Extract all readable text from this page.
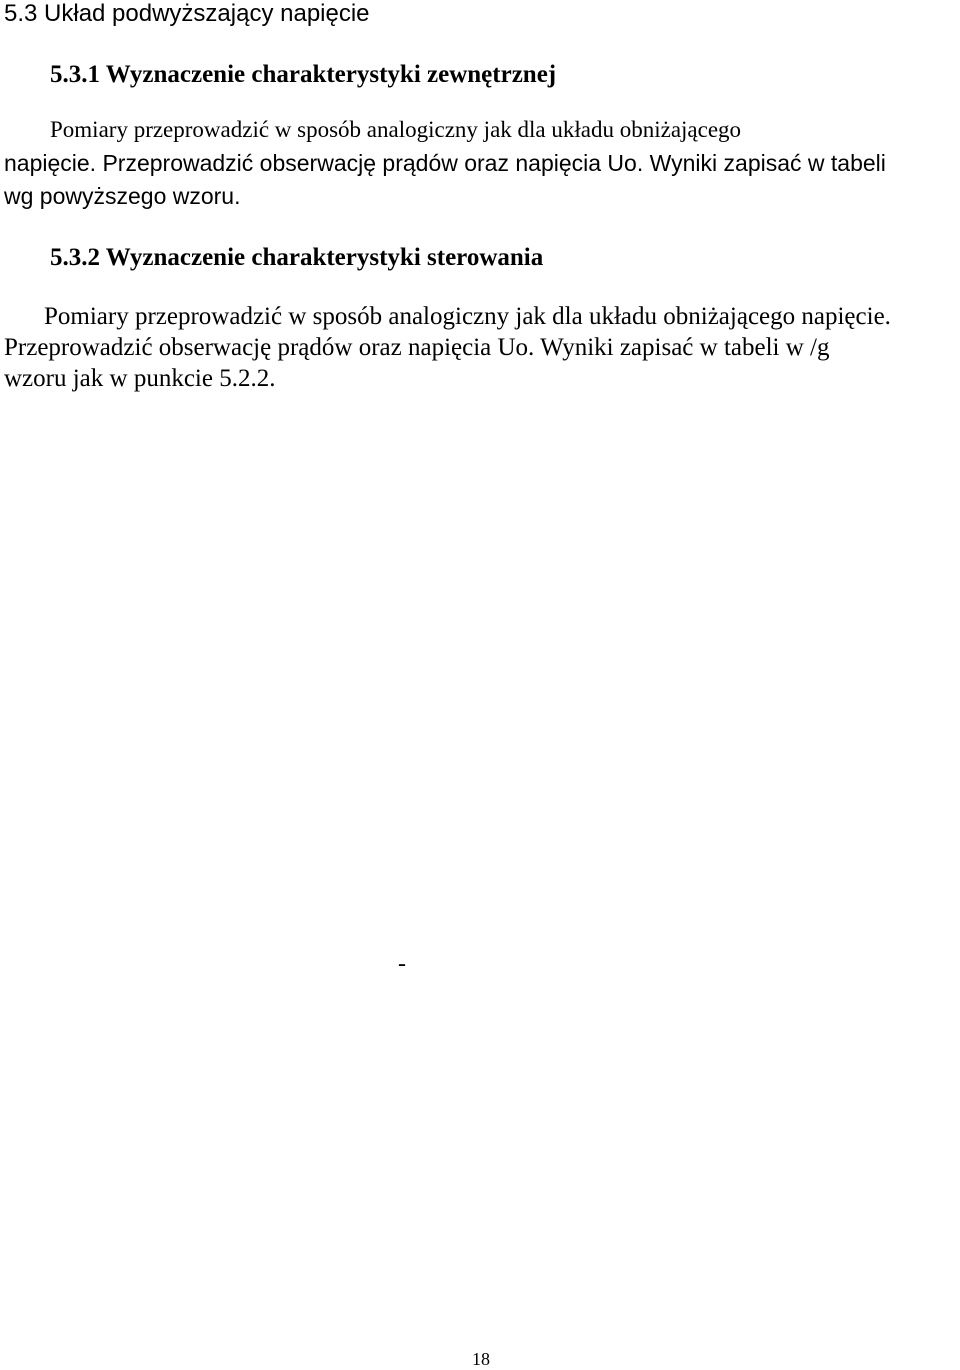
5.3 Układ podwyższający napięcie
5.3.1 Wyznaczenie charakterystyki zewnętrznej
Pomiary przeprowadzić w sposób analogiczny jak dla układu obniżającego
napięcie. Przeprowadzić obserwację prądów oraz napięcia Uo. Wyniki zapisać w tabeli
wg powyższego wzoru.
5.3.2 Wyznaczenie charakterystyki sterowania
Pomiary przeprowadzić w sposób analogiczny jak dla układu obniżającego napięcie.
Przeprowadzić obserwację prądów oraz napięcia Uo. Wyniki zapisać w tabeli w /g
wzoru jak w punkcie 5.2.2.
-
18
